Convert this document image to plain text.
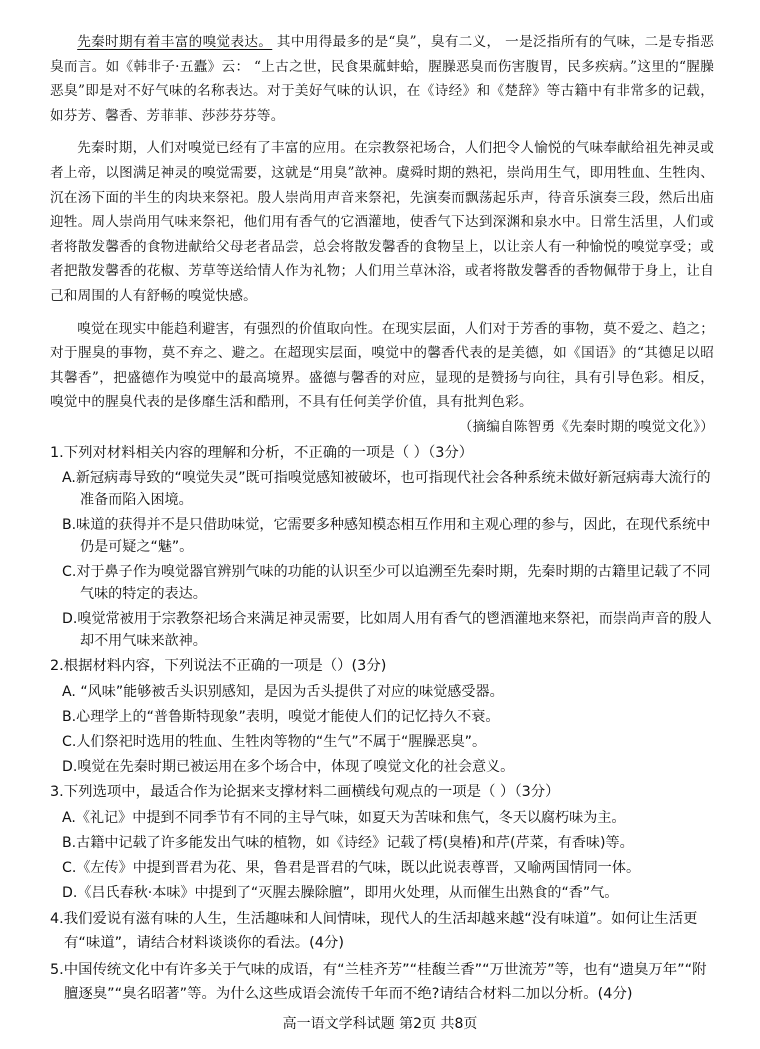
先秦时期有着丰富的嗅觉表达。 其中用得最多的是“臭”，臭有二义， 一是泛指所有的气味，二是专指恶臭而言。如《韩非子·五蠹》云： “上古之世，民食果蓏蚌蛤，腥臊恶臭而伤害腹胃，民多疾病。”这里的“腥臊恶臭”即是对不好气味的名称表达。对于美好气味的认识，在《诗经》和《楚辞》等古籍中有非常多的记载，如芬芳、馨香、芳菲菲、莎莎芬芬等。

先秦时期，人们对嗅觉已经有了丰富的应用。在宗教祭祀场合，人们把令人愉悦的气味奉献给祖先神灵或者上帝，以图满足神灵的嗅觉需要，这就是“用臭”歆神。虞舜时期的熟祀，崇尚用生气，即用牲血、生牲肉、沉在汤下面的半生的肉块来祭祀。殷人崇尚用声音来祭祀，先演奏而飘荡起乐声，待音乐演奏三段，然后出庙迎牲。周人崇尚用气味来祭祀，他们用有香气的它酒灌地，使香气下达到深渊和泉水中。日常生活里，人们或者将散发馨香的食物进献给父母老者品尝，总会将散发馨香的食物呈上，以让亲人有一种愉悦的嗅觉享受；或者把散发馨香的花椒、芳草等送给情人作为礼物；人们用兰草沐浴，或者将散发馨香的香物佩带于身上，让自己和周围的人有舒畅的嗅觉快感。

嗅觉在现实中能趋利避害，有强烈的价值取向性。在现实层面，人们对于芳香的事物，莫不爱之、趋之；对于腥臭的事物，莫不弃之、避之。在超现实层面，嗅觉中的馨香代表的是美德，如《国语》的“其德足以昭其馨香”，把盛德作为嗅觉中的最高境界。盛德与馨香的对应，显现的是赞扬与向往，具有引导色彩。相反，嗅觉中的腥臭代表的是侈靡生活和酷刑，不具有任何美学价值，具有批判色彩。
（摘编自陈智勇《先秦时期的嗅觉文化》）

1.下列对材料相关内容的理解和分析，不正确的一项是（ ）（3分）

A.新冠病毒导致的“嗅觉失灵”既可指嗅觉感知被破坏，也可指现代社会各种系统未做好新冠病毒大流行的准备而陷入困境。

B.味道的获得并不是只借助味觉，它需要多种感知模态相互作用和主观心理的参与，因此，在现代系统中仍是可疑之“魅”。

C.对于鼻子作为嗅觉器官辨别气味的功能的认识至少可以追溯至先秦时期，先秦时期的古籍里记载了不同气味的特定的表达。

D.嗅觉常被用于宗教祭祀场合来满足神灵需要，比如周人用有香气的鬯酒灌地来祭祀，而崇尚声音的殷人却不用气味来歆神。

2.根据材料内容，下列说法不正确的一项是（）(3分)

A. “风味”能够被舌头识别感知，是因为舌头提供了对应的味觉感受器。

B.心理学上的“普鲁斯特现象”表明，嗅觉才能使人们的记忆持久不衰。

C.人们祭祀时选用的牲血、生牲肉等物的“生气”不属于“腥臊恶臭”。

D.嗅觉在先秦时期已被运用在多个场合中，体现了嗅觉文化的社会意义。

3.下列选项中，最适合作为论据来支撑材料二画横线句观点的一项是（ ）（3分）

A.《礼记》中提到不同季节有不同的主导气味，如夏天为苦味和焦气，冬天以腐朽味为主。

B.古籍中记载了许多能发出气味的植物，如《诗经》记载了樗(臭椿)和芹(芹菜，有香味)等。

C.《左传》中提到晋君为花、果，鲁君是晋君的气味，既以此说表尊晋，又喻两国情同一体。

D.《吕氏春秋·本味》中提到了“灭腥去臊除膻”，即用火处理，从而催生出熟食的“香”气。

4.我们爱说有滋有味的人生，生活趣味和人间情味，现代人的生活却越来越“没有味道”。如何让生活更有“味道”，请结合材料谈谈你的看法。(4分)

5.中国传统文化中有许多关于气味的成语，有“兰桂齐芳”“桂馥兰香”“万世流芳”等，也有“遗臭万年”“附膻逐臭”“臭名昭著”等。为什么这些成语会流传千年而不绝?请结合材料二加以分析。(4分)

高一语文学科试题 第2页 共8页
